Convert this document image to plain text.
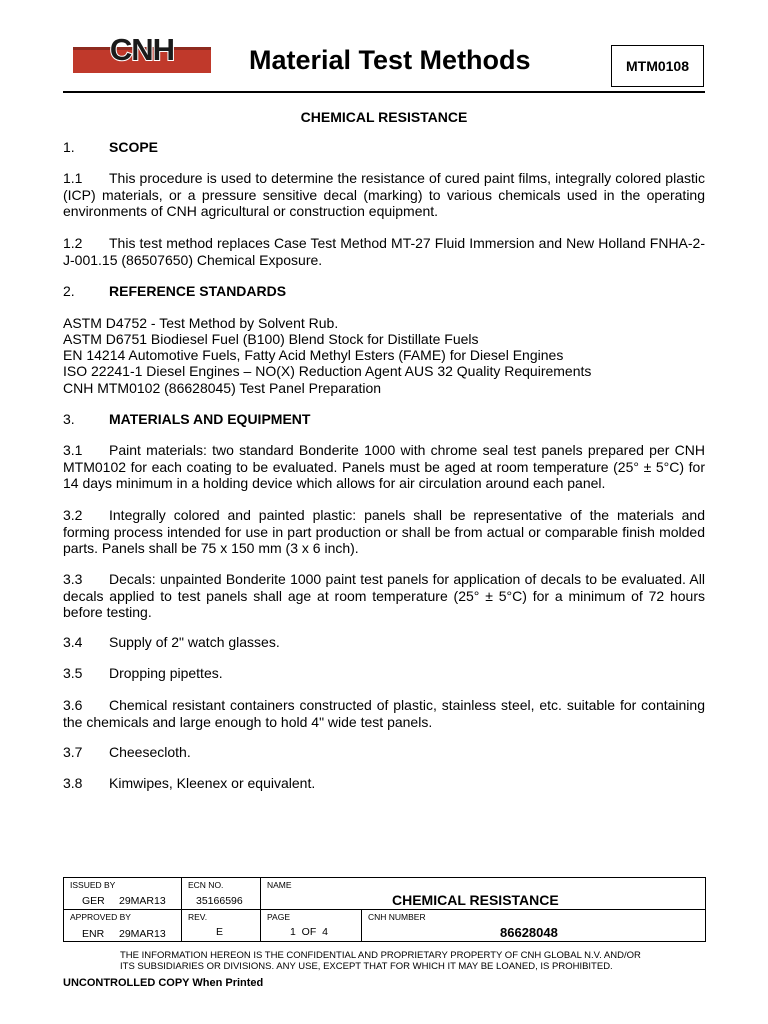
CNH	Material Test Methods	MTM0108
CHEMICAL RESISTANCE
1. SCOPE
1.1 This procedure is used to determine the resistance of cured paint films, integrally colored plastic (ICP) materials, or a pressure sensitive decal (marking) to various chemicals used in the operating environments of CNH agricultural or construction equipment.
1.2 This test method replaces Case Test Method MT-27 Fluid Immersion and New Holland FNHA-2-J-001.15 (86507650) Chemical Exposure.
2. REFERENCE STANDARDS
ASTM D4752 - Test Method by Solvent Rub.
ASTM D6751 Biodiesel Fuel (B100) Blend Stock for Distillate Fuels
EN 14214 Automotive Fuels, Fatty Acid Methyl Esters (FAME) for Diesel Engines
ISO 22241-1 Diesel Engines – NO(X) Reduction Agent AUS 32 Quality Requirements
CNH MTM0102 (86628045) Test Panel Preparation
3. MATERIALS AND EQUIPMENT
3.1 Paint materials: two standard Bonderite 1000 with chrome seal test panels prepared per CNH MTM0102 for each coating to be evaluated. Panels must be aged at room temperature (25° ± 5°C) for 14 days minimum in a holding device which allows for air circulation around each panel.
3.2 Integrally colored and painted plastic: panels shall be representative of the materials and forming process intended for use in part production or shall be from actual or comparable finish molded parts. Panels shall be 75 x 150 mm (3 x 6 inch).
3.3 Decals: unpainted Bonderite 1000 paint test panels for application of decals to be evaluated. All decals applied to test panels shall age at room temperature (25° ± 5°C) for a minimum of 72 hours before testing.
3.4 Supply of 2" watch glasses.
3.5 Dropping pipettes.
3.6 Chemical resistant containers constructed of plastic, stainless steel, etc. suitable for containing the chemicals and large enough to hold 4" wide test panels.
3.7 Cheesecloth.
3.8 Kimwipes, Kleenex or equivalent.
ISSUED BY
GER 29MAR13
ECN NO.
35166596
NAME
CHEMICAL RESISTANCE
APPROVED BY
ENR 29MAR13
REV.
E
PAGE
1  OF  4
CNH NUMBER
86628048
THE INFORMATION HEREON IS THE CONFIDENTIAL AND PROPRIETARY PROPERTY OF CNH GLOBAL N.V. AND/OR
ITS SUBSIDIARIES OR DIVISIONS. ANY USE, EXCEPT THAT FOR WHICH IT MAY BE LOANED, IS PROHIBITED.
UNCONTROLLED COPY When Printed
